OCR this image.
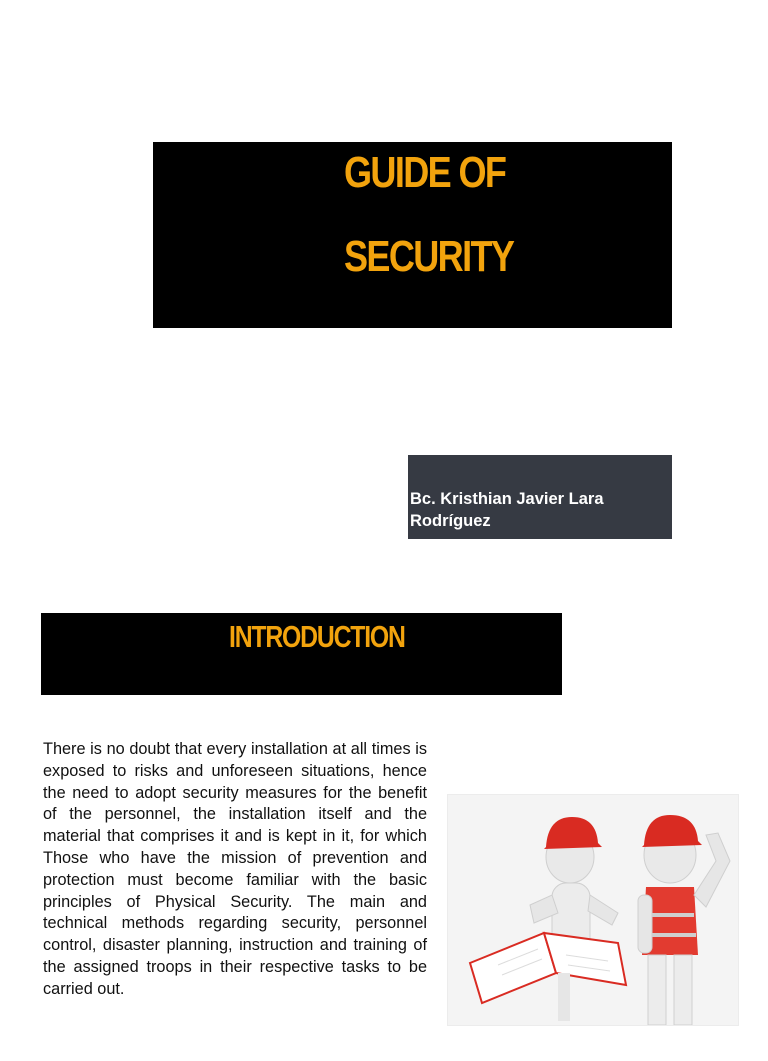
GUIDE OF
SECURITY
Bc. Kristhian Javier Lara Rodríguez
INTRODUCTION

There is no doubt that every installation at all times is exposed to risks and unforeseen situations, hence the need to adopt security measures for the benefit of the personnel, the installation itself and the material that comprises it and is kept in it, for which Those who have the mission of prevention and protection must become familiar with the basic principles of Physical Security. The main and technical methods regarding security, personnel control, disaster planning, instruction and training of the assigned troops in their respective tasks to be carried out.
